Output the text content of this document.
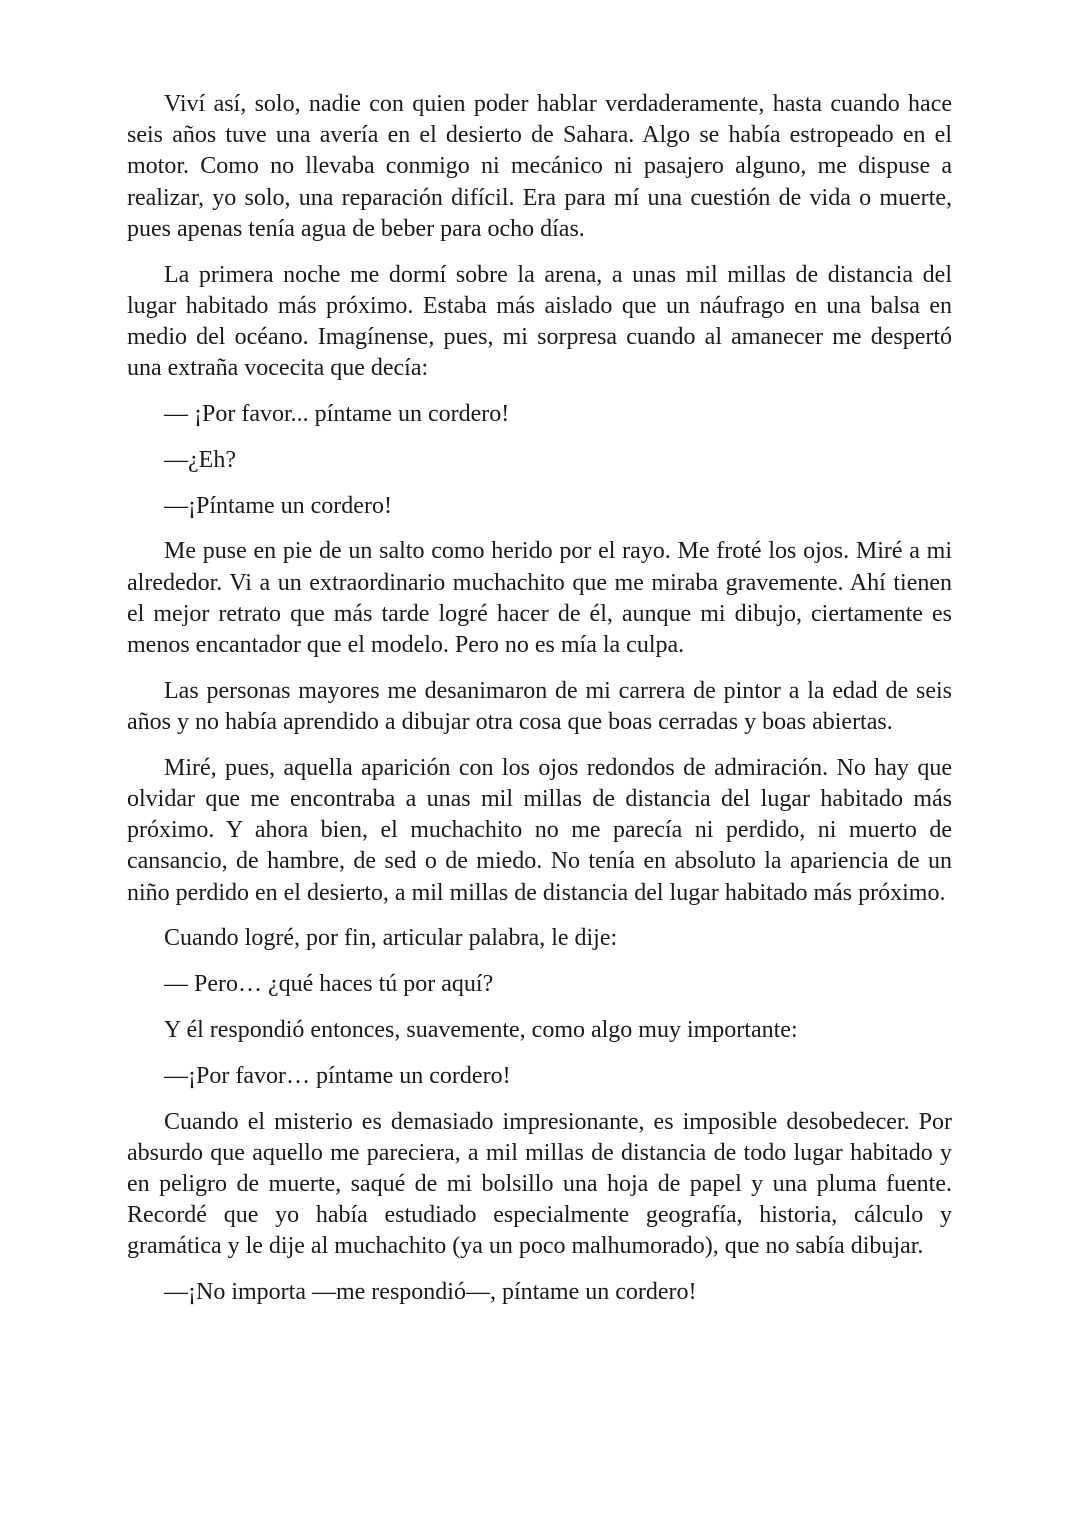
Viví así, solo, nadie con quien poder hablar verdaderamente, hasta cuando hace seis años tuve una avería en el desierto de Sahara. Algo se había estropeado en el motor. Como no llevaba conmigo ni mecánico ni pasajero alguno, me dispuse a realizar, yo solo, una reparación difícil. Era para mí una cuestión de vida o muerte, pues apenas tenía agua de beber para ocho días.

La primera noche me dormí sobre la arena, a unas mil millas de distancia del lugar habitado más próximo. Estaba más aislado que un náufrago en una balsa en medio del océano. Imagínense, pues, mi sorpresa cuando al amanecer me despertó una extraña vocecita que decía:

— ¡Por favor... píntame un cordero!

—¿Eh?

—¡Píntame un cordero!

Me puse en pie de un salto como herido por el rayo. Me froté los ojos. Miré a mi alrededor. Vi a un extraordinario muchachito que me miraba gravemente. Ahí tienen el mejor retrato que más tarde logré hacer de él, aunque mi dibujo, ciertamente es menos encantador que el modelo. Pero no es mía la culpa.

Las personas mayores me desanimaron de mi carrera de pintor a la edad de seis años y no había aprendido a dibujar otra cosa que boas cerradas y boas abiertas.

Miré, pues, aquella aparición con los ojos redondos de admiración. No hay que olvidar que me encontraba a unas mil millas de distancia del lugar habitado más próximo. Y ahora bien, el muchachito no me parecía ni perdido, ni muerto de cansancio, de hambre, de sed o de miedo. No tenía en absoluto la apariencia de un niño perdido en el desierto, a mil millas de distancia del lugar habitado más próximo.

Cuando logré, por fin, articular palabra, le dije:

— Pero… ¿qué haces tú por aquí?

Y él respondió entonces, suavemente, como algo muy importante:

—¡Por favor… píntame un cordero!

Cuando el misterio es demasiado impresionante, es imposible desobedecer. Por absurdo que aquello me pareciera, a mil millas de distancia de todo lugar habitado y en peligro de muerte, saqué de mi bolsillo una hoja de papel y una pluma fuente. Recordé que yo había estudiado especialmente geografía, historia, cálculo y gramática y le dije al muchachito (ya un poco malhumorado), que no sabía dibujar.

—¡No importa —me respondió—, píntame un cordero!
